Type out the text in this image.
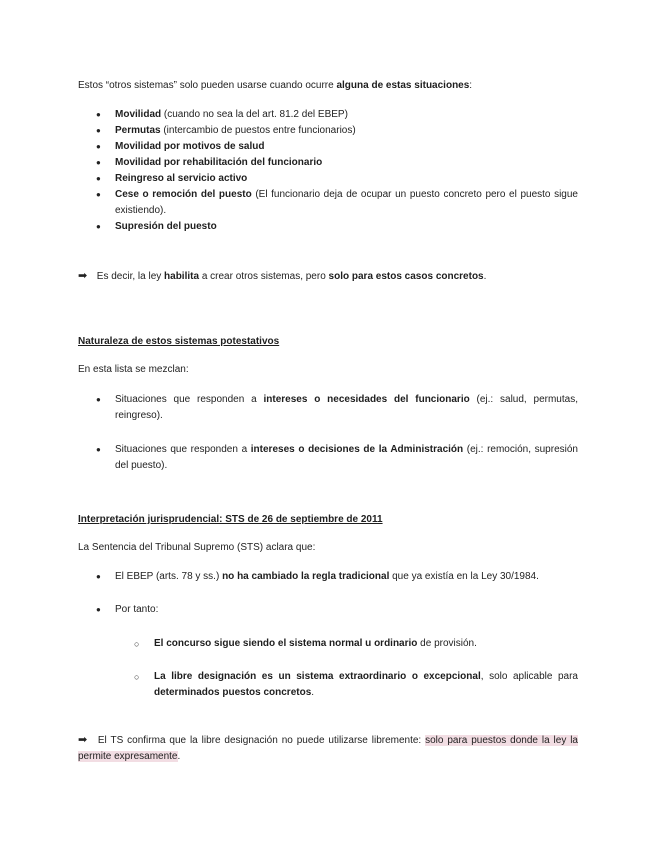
Estos “otros sistemas” solo pueden usarse cuando ocurre alguna de estas situaciones:

● Movilidad (cuando no sea la del art. 81.2 del EBEP)
● Permutas (intercambio de puestos entre funcionarios)
● Movilidad por motivos de salud
● Movilidad por rehabilitación del funcionario
● Reingreso al servicio activo
● Cese o remoción del puesto (El funcionario deja de ocupar un puesto concreto pero el puesto sigue existiendo).
● Supresión del puesto

➡ Es decir, la ley habilita a crear otros sistemas, pero solo para estos casos concretos.

Naturaleza de estos sistemas potestativos

En esta lista se mezclan:

● Situaciones que responden a intereses o necesidades del funcionario (ej.: salud, permutas, reingreso).
● Situaciones que responden a intereses o decisiones de la Administración (ej.: remoción, supresión del puesto).

Interpretación jurisprudencial: STS de 26 de septiembre de 2011

La Sentencia del Tribunal Supremo (STS) aclara que:

● El EBEP (arts. 78 y ss.) no ha cambiado la regla tradicional que ya existía en la Ley 30/1984.
● Por tanto:
○ El concurso sigue siendo el sistema normal u ordinario de provisión.
○ La libre designación es un sistema extraordinario o excepcional, solo aplicable para determinados puestos concretos.

➡ El TS confirma que la libre designación no puede utilizarse libremente: solo para puestos donde la ley la permite expresamente.
